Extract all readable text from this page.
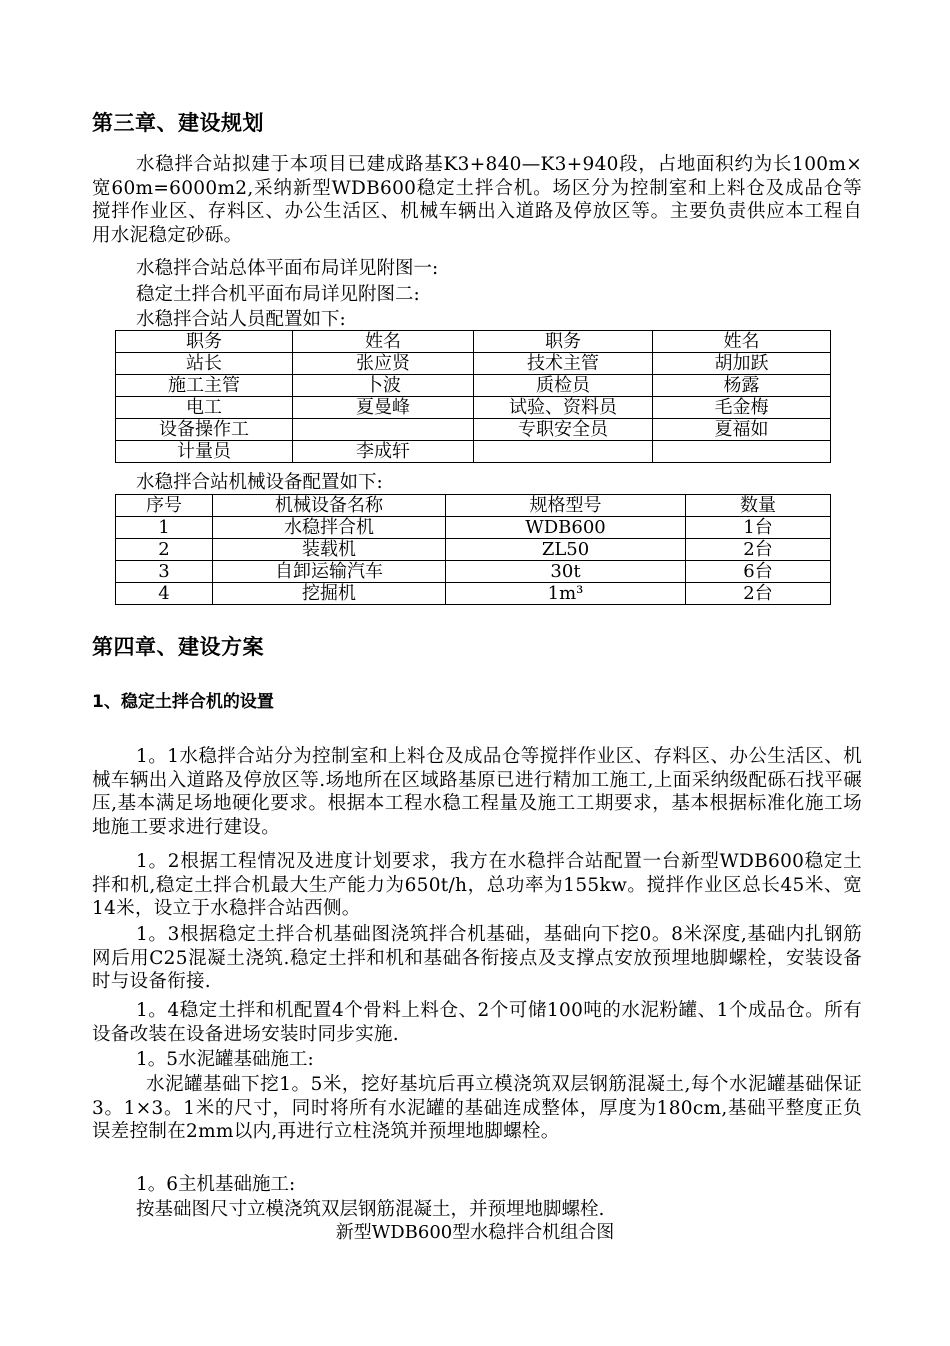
第三章、建设规划
水稳拌合站拟建于本项目已建成路基K3+840—K3+940段，占地面积约为长100m×宽60m=6000m2,采纳新型WDB600稳定土拌合机。场区分为控制室和上料仓及成品仓等搅拌作业区、存料区、办公生活区、机械车辆出入道路及停放区等。主要负责供应本工程自用水泥稳定砂砾。
水稳拌合站总体平面布局详见附图一:
稳定土拌合机平面布局详见附图二:
水稳拌合站人员配置如下:
职务	姓名	职务	姓名
站长	张应贤	技术主管	胡加跃
施工主管	卜波	质检员	杨露
电工	夏曼峰	试验、资料员	毛金梅
设备操作工		专职安全员	夏福如
计量员	李成轩		
水稳拌合站机械设备配置如下:
序号	机械设备名称	规格型号	数量
1	水稳拌合机	WDB600	1台
2	装载机	ZL50	2台
3	自卸运输汽车	30t	6台
4	挖掘机	1m³	2台
第四章、建设方案
1、稳定土拌合机的设置
1。1水稳拌合站分为控制室和上料仓及成品仓等搅拌作业区、存料区、办公生活区、机械车辆出入道路及停放区等.场地所在区域路基原已进行精加工施工,上面采纳级配砾石找平碾压,基本满足场地硬化要求。根据本工程水稳工程量及施工工期要求，基本根据标准化施工场地施工要求进行建设。
1。2根据工程情况及进度计划要求，我方在水稳拌合站配置一台新型WDB600稳定土拌和机,稳定土拌合机最大生产能力为650t/h，总功率为155kw。搅拌作业区总长45米、宽14米，设立于水稳拌合站西侧。
1。3根据稳定土拌合机基础图浇筑拌合机基础，基础向下挖0。8米深度,基础内扎钢筋网后用C25混凝土浇筑.稳定土拌和机和基础各衔接点及支撑点安放预埋地脚螺栓，安装设备时与设备衔接.
1。4稳定土拌和机配置4个骨料上料仓、2个可储100吨的水泥粉罐、1个成品仓。所有设备改装在设备进场安装时同步实施.
1。5水泥罐基础施工:
水泥罐基础下挖1。5米，挖好基坑后再立模浇筑双层钢筋混凝土,每个水泥罐基础保证3。1×3。1米的尺寸，同时将所有水泥罐的基础连成整体，厚度为180cm,基础平整度正负误差控制在2mm以内,再进行立柱浇筑并预埋地脚螺栓。
1。6主机基础施工:
按基础图尺寸立模浇筑双层钢筋混凝土，并预埋地脚螺栓.
新型WDB600型水稳拌合机组合图
